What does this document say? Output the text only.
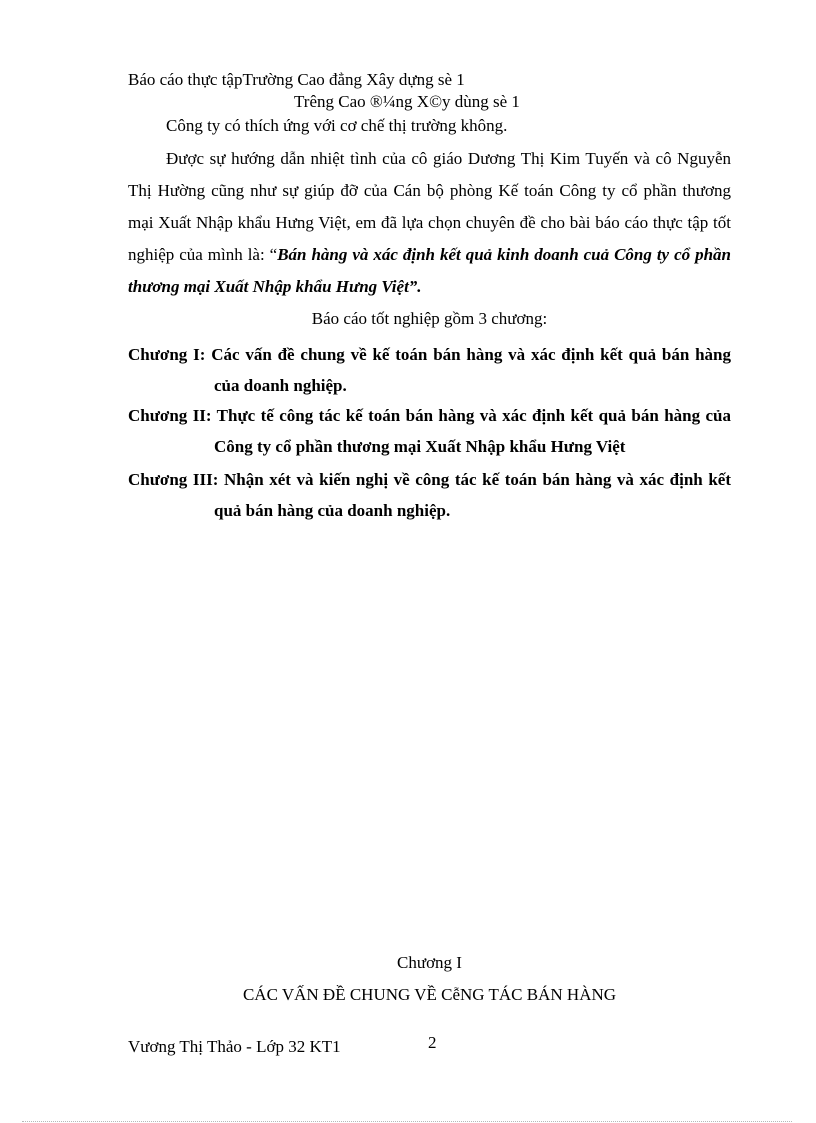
Báo cáo thực tậpTrường Cao đẳng Xây dựng sè 1
Trêng Cao ®¼ng X©y dùng sè 1
Công ty có thích ứng với cơ chế thị trường không.
Được sự hướng dẫn nhiệt tình của cô giáo Dương Thị Kim Tuyến và cô Nguyễn Thị Hường cũng như sự giúp đỡ của Cán bộ phòng Kế toán Công ty cổ phần thương mại Xuất Nhập khẩu Hưng Việt, em đã lựa chọn chuyên đề cho bài báo cáo thực tập tốt nghiệp của mình là: “Bán hàng và xác định kết quả kinh doanh cuả Công ty cổ phần thương mại Xuất Nhập khẩu Hưng Việt”.
Báo cáo tốt nghiệp gồm 3 chương:
Chương I: Các vấn đề chung về kế toán bán hàng và xác định kết quả bán hàng của doanh nghiệp.
Chương II: Thực tế công tác kế toán bán hàng và xác định kết quả bán hàng của Công ty cổ phần thương mại Xuất Nhập khẩu Hưng Việt
Chương III: Nhận xét và kiến nghị về công tác kế toán bán hàng và xác định kết quả bán hàng của doanh nghiệp.
Chương I
CÁC VẤN ĐỀ CHUNG VỀ CễNG TÁC BÁN HÀNG
Vương Thị Thảo - Lớp 32 KT1	2
